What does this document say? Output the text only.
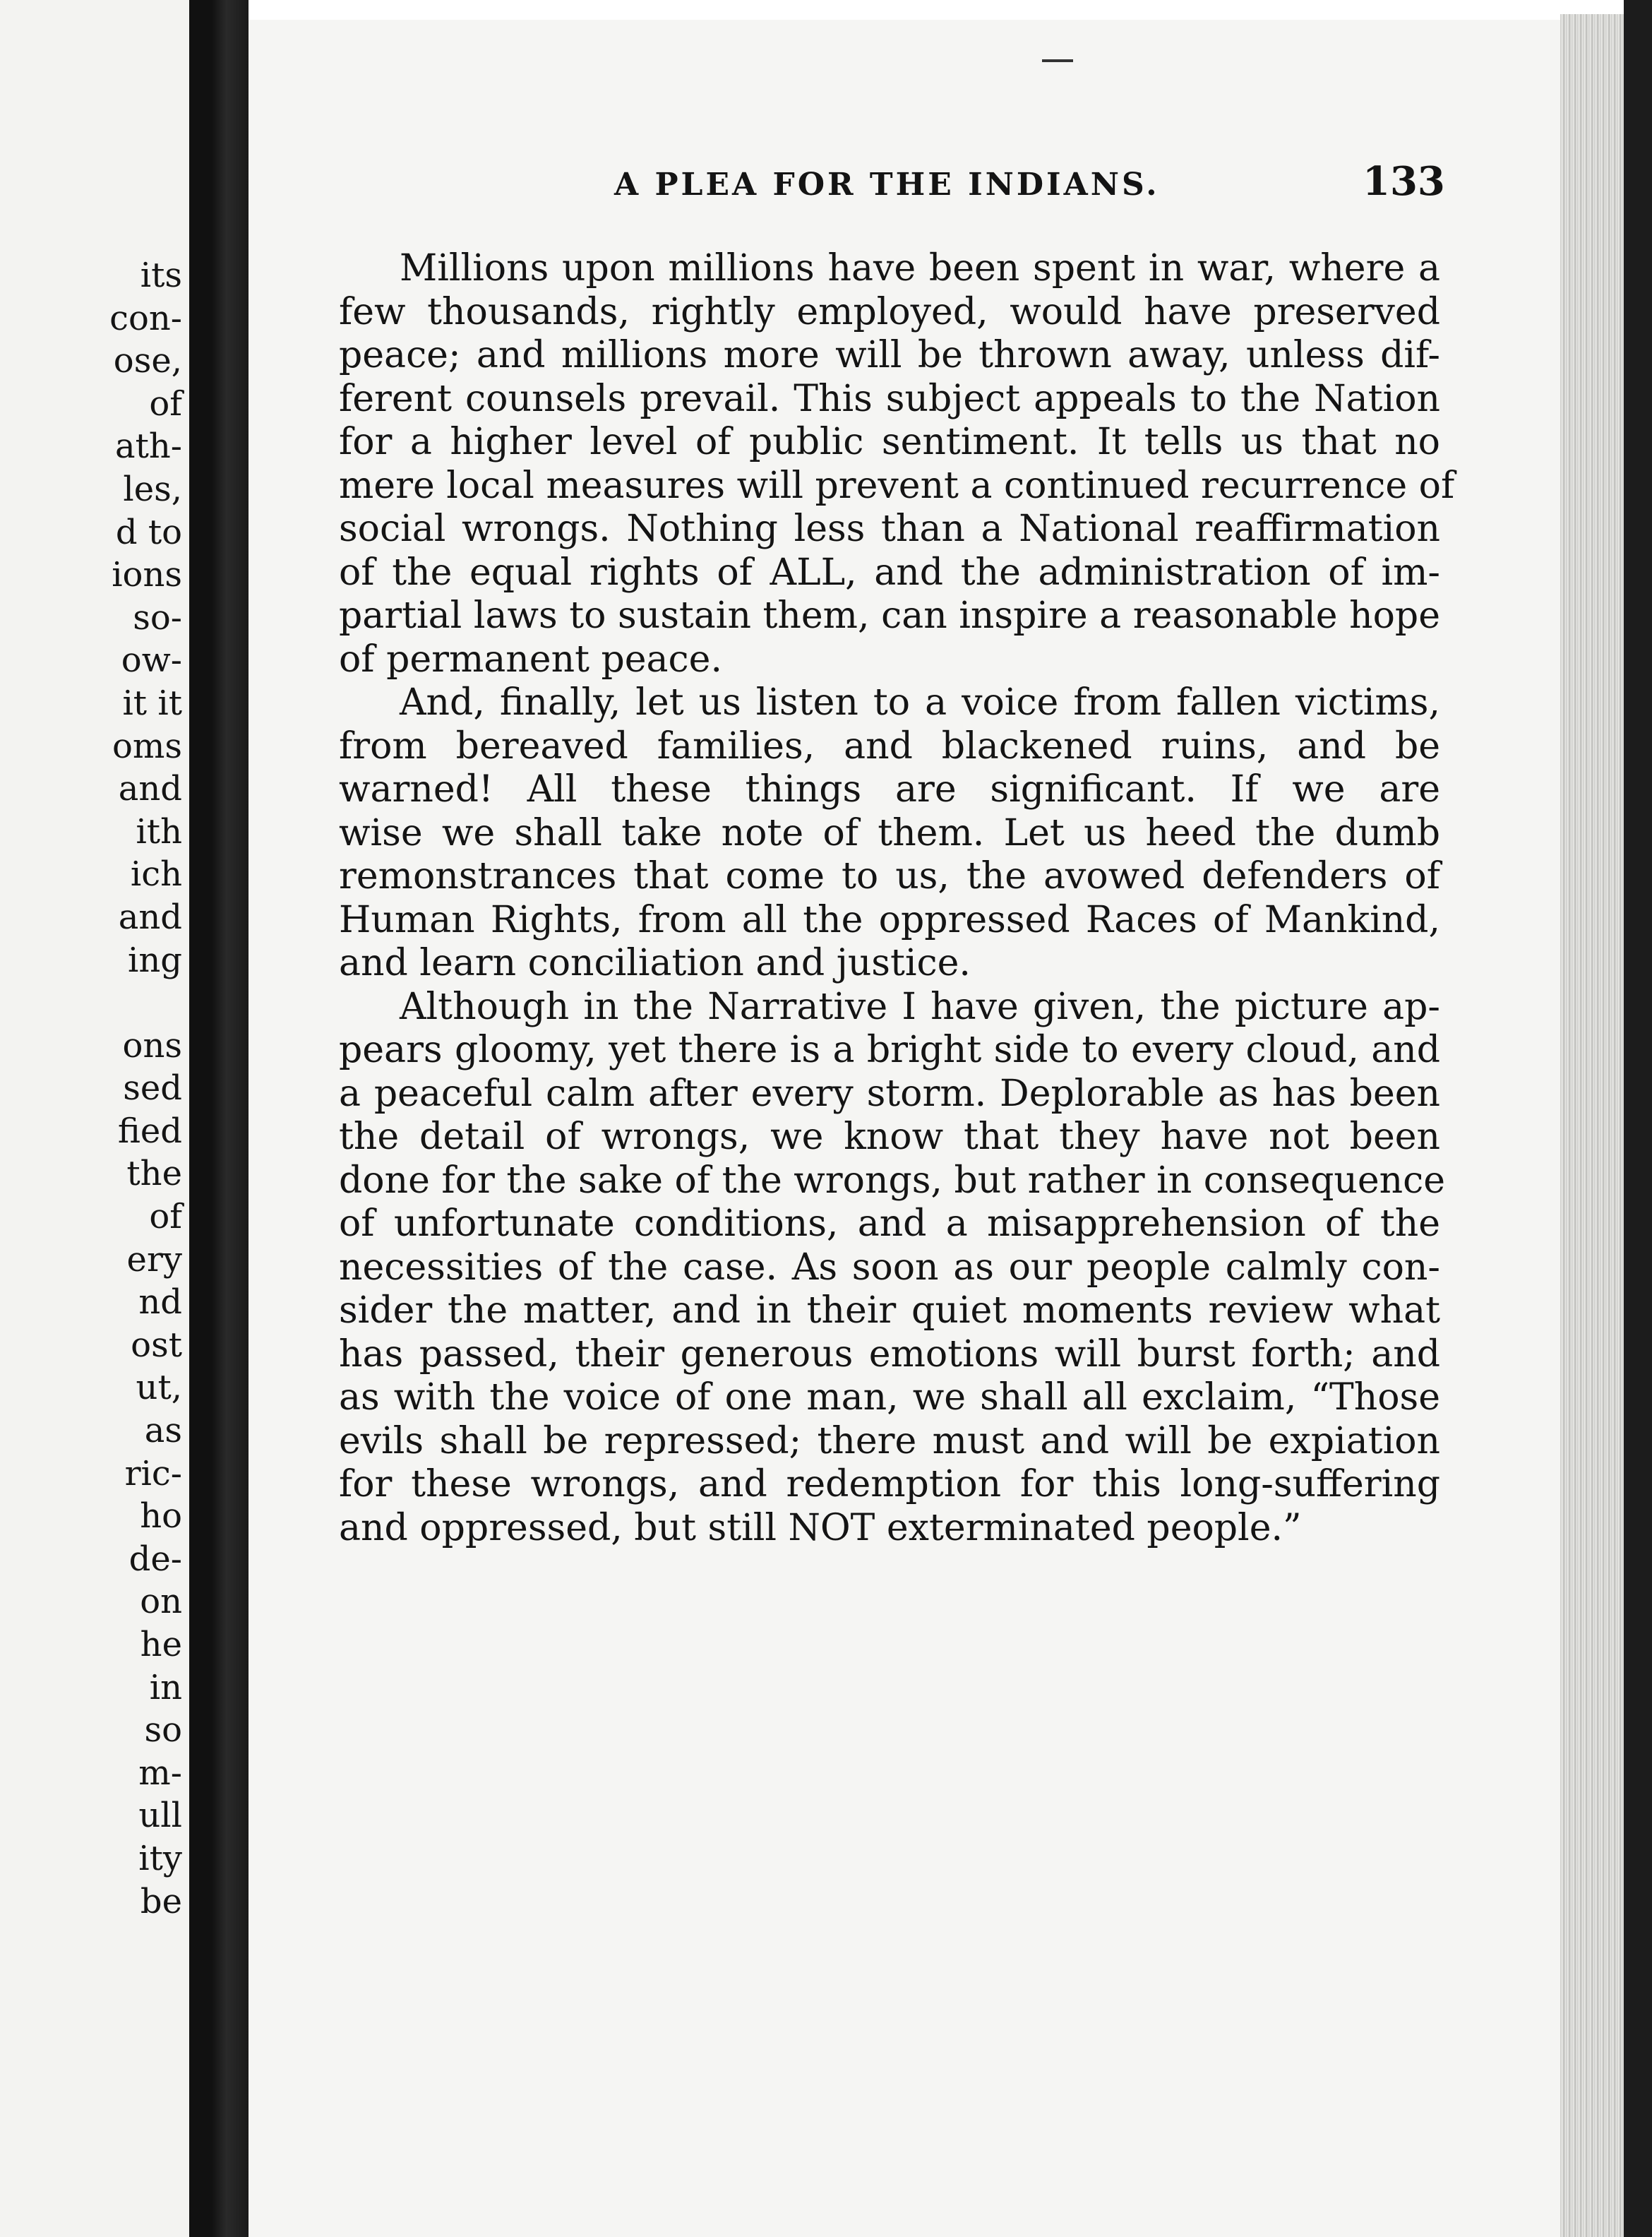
its
con-
ose,
of
ath-
les,
d to
ions
so-
ow-
it it
oms
and
ith
ich
and
ing
ons
sed
fied
the
of
ery
nd
ost
ut,
as
ric-
ho
de-
on
he
in
so
m-
ull
ity
be
A PLEA FOR THE INDIANS.	133
Millions upon millions have been spent in war, where a
few thousands, rightly employed, would have preserved
peace; and millions more will be thrown away, unless dif-
ferent counsels prevail. This subject appeals to the Nation
for a higher level of public sentiment. It tells us that no
mere local measures will prevent a continued recurrence of
social wrongs. Nothing less than a National reaffirmation
of the equal rights of ALL, and the administration of im-
partial laws to sustain them, can inspire a reasonable hope
of permanent peace.
And, finally, let us listen to a voice from fallen victims,
from bereaved families, and blackened ruins, and be
warned! All these things are significant. If we are
wise we shall take note of them. Let us heed the dumb
remonstrances that come to us, the avowed defenders of
Human Rights, from all the oppressed Races of Mankind,
and learn conciliation and justice.
Although in the Narrative I have given, the picture ap-
pears gloomy, yet there is a bright side to every cloud, and
a peaceful calm after every storm. Deplorable as has been
the detail of wrongs, we know that they have not been
done for the sake of the wrongs, but rather in consequence
of unfortunate conditions, and a misapprehension of the
necessities of the case. As soon as our people calmly con-
sider the matter, and in their quiet moments review what
has passed, their generous emotions will burst forth; and
as with the voice of one man, we shall all exclaim, “Those
evils shall be repressed; there must and will be expiation
for these wrongs, and redemption for this long-suffering
and oppressed, but still NOT exterminated people.”
